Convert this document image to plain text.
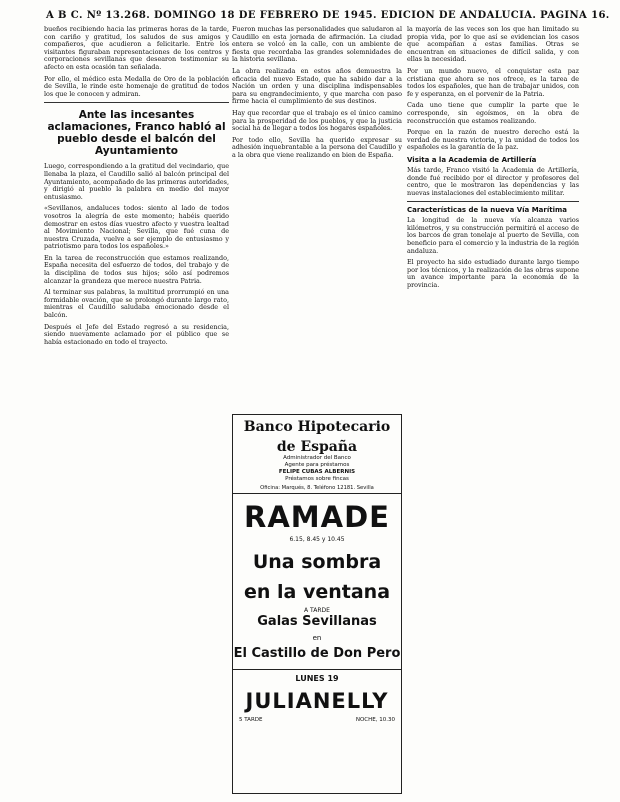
A B C. Nº 13.268. DOMINGO 18 DE FEBRERO DE 1945. EDICION DE ANDALUCIA. PAGINA 16.

bueños recibiendo hacia las primeras horas de la tarde, con cariño y gratitud, los saludos de sus amigos y compañeros, que acudieron a felicitarle. Entre los visitantes figuraban representaciones de los centros y corporaciones sevillanas que desearon testimoniar su afecto en esta ocasión tan señalada.

Por ello, el médico esta Medalla de Oro de la población de Sevilla, le rinde este homenaje de gratitud de todos los que le conocen y admiran.

Ante las incesantes aclamaciones, Franco habló al pueblo desde el balcón del Ayuntamiento

Luego, correspondiendo a la gratitud del vecindario, que llenaba la plaza, el Caudillo salió al balcón principal del Ayuntamiento, acompañado de las primeras autoridades, y dirigió al pueblo la palabra en medio del mayor entusiasmo.

«Sevillanos, andaluces todos: siento al lado de todos vosotros la alegría de este momento; habéis querido demostrar en estos días vuestro afecto y vuestra lealtad al Movimiento Nacional; Sevilla, que fué cuna de nuestra Cruzada, vuelve a ser ejemplo de entusiasmo y patriotismo para todos los españoles.»

En la tarea de reconstrucción que estamos realizando, España necesita del esfuerzo de todos, del trabajo y de la disciplina de todos sus hijos; sólo así podremos alcanzar la grandeza que merece nuestra Patria.

Al terminar sus palabras, la multitud prorrumpió en una formidable ovación, que se prolongó durante largo rato, mientras el Caudillo saludaba emocionado desde el balcón.

Después el Jefe del Estado regresó a su residencia, siendo nuevamente aclamado por el público que se había estacionado en todo el trayecto.

Fueron muchas las personalidades que saludaron al Caudillo en esta jornada de afirmación. La ciudad entera se volcó en la calle, con un ambiente de fiesta que recordaba las grandes solemnidades de la historia sevillana.

La obra realizada en estos años demuestra la eficacia del nuevo Estado, que ha sabido dar a la Nación un orden y una disciplina indispensables para su engrandecimiento, y que marcha con paso firme hacia el cumplimiento de sus destinos.

Hay que recordar que el trabajo es el único camino para la prosperidad de los pueblos, y que la justicia social ha de llegar a todos los hogares españoles.

Por todo ello, Sevilla ha querido expresar su adhesión inquebrantable a la persona del Caudillo y a la obra que viene realizando en bien de España.

Banco Hipotecario
de España
Administrador del Banco
Agente para préstamos
FELIPE CUBAS ALBERNIS
Préstamos sobre fincas
Oficina: Marqués, 8. Teléfono 12181. Sevilla
RAMADE
6.15, 8.45 y 10.45
Una sombra
en la ventana
A TARDE
Galas Sevillanas
en
El Castillo de Don Pero
LUNES 19
JULIANELLY
5 TARDE	NOCHE, 10.30

la mayoría de las veces son los que han limitado su propia vida, por lo que así se evidencian los casos que acompañan a estas familias. Otras se encuentran en situaciones de difícil salida, y con ellas la necesidad.

Por un mundo nuevo, el conquistar esta paz cristiana que ahora se nos ofrece, es la tarea de todos los españoles, que han de trabajar unidos, con fe y esperanza, en el porvenir de la Patria.

Cada uno tiene que cumplir la parte que le corresponde, sin egoísmos, en la obra de reconstrucción que estamos realizando.

Porque en la razón de nuestro derecho está la verdad de nuestra victoria, y la unidad de todos los españoles es la garantía de la paz.

Visita a la Academia de Artillería

Más tarde, Franco visitó la Academia de Artillería, donde fué recibido por el director y profesores del centro, que le mostraron las dependencias y las nuevas instalaciones del establecimiento militar.

Características de la nueva Vía Marítima

La longitud de la nueva vía alcanza varios kilómetros, y su construcción permitirá el acceso de los barcos de gran tonelaje al puerto de Sevilla, con beneficio para el comercio y la industria de la región andaluza.

El proyecto ha sido estudiado durante largo tiempo por los técnicos, y la realización de las obras supone un avance importante para la economía de la provincia.
